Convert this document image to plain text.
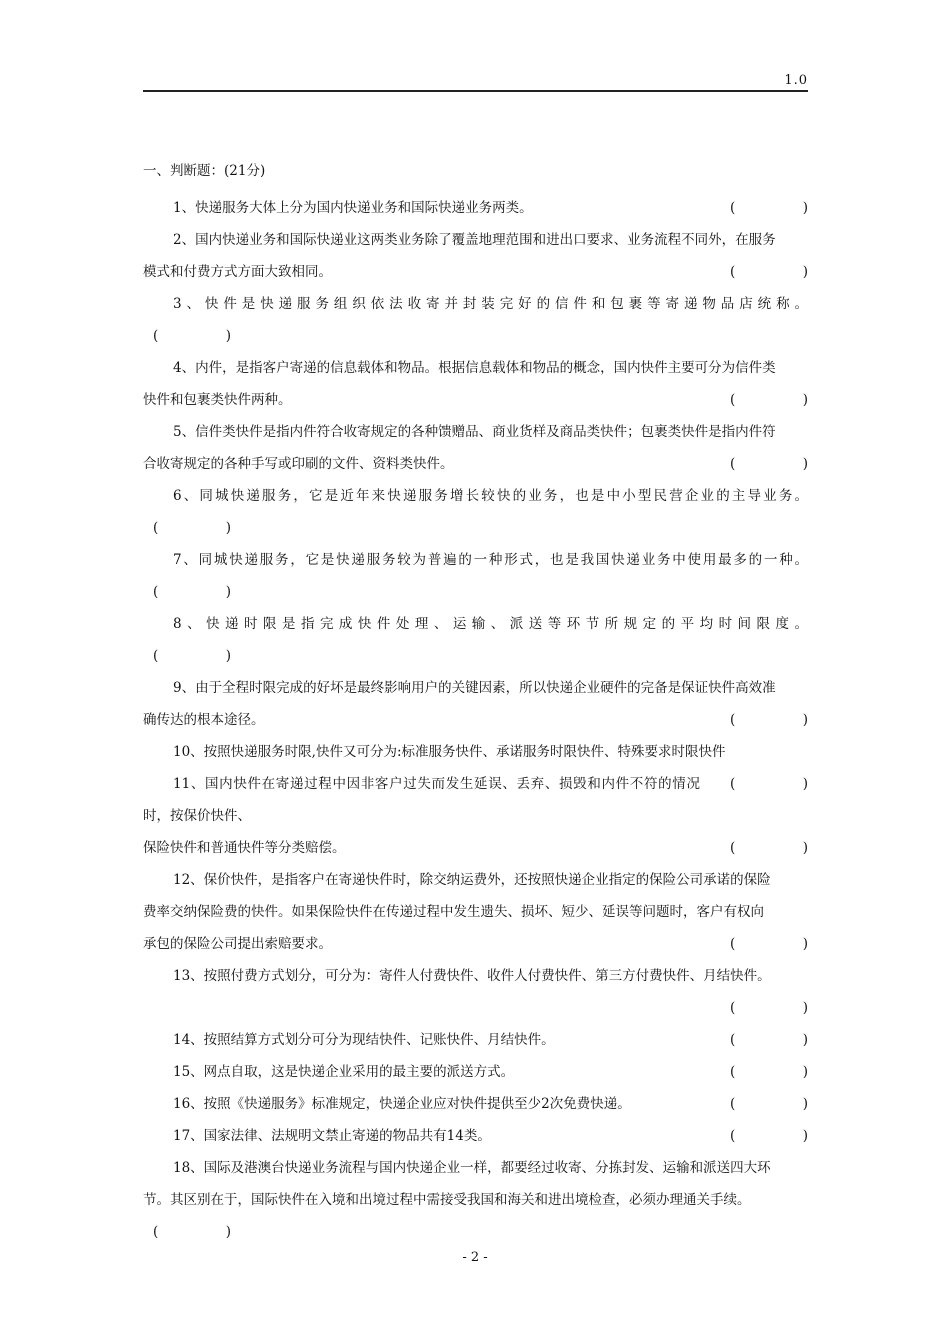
1.0
一、判断题：(21分)
1、快递服务大体上分为国内快递业务和国际快递业务两类。	(　　　　　)
2、国内快递业务和国际快递业这两类业务除了覆盖地理范围和进出口要求、业务流程不同外，在服务
模式和付费方式方面大致相同。	(　　　　　)
3、快件是快递服务组织依法收寄并封装完好的信件和包裹等寄递物品店统称。
(　　　　　)
4、内件，是指客户寄递的信息载体和物品。根据信息载体和物品的概念，国内快件主要可分为信件类
快件和包裹类快件两种。	(　　　　　)
5、信件类快件是指内件符合收寄规定的各种馈赠品、商业货样及商品类快件；包裹类快件是指内件符
合收寄规定的各种手写或印刷的文件、资料类快件。	(　　　　　)
6、同城快递服务，它是近年来快递服务增长较快的业务，也是中小型民营企业的主导业务。
(　　　　　)
7、同城快递服务，它是快递服务较为普遍的一种形式，也是我国快递业务中使用最多的一种。
(　　　　　)
8、快递时限是指完成快件处理、运输、派送等环节所规定的平均时间限度。
(　　　　　)
9、由于全程时限完成的好坏是最终影响用户的关键因素，所以快递企业硬件的完备是保证快件高效准
确传达的根本途径。	(　　　　　)
10、按照快递服务时限,快件又可分为:标准服务快件、承诺服务时限快件、特殊要求时限快件
(　　　　　)
11、国内快件在寄递过程中因非客户过失而发生延误、丢弃、损毁和内件不符的情况时，按保价快件、
保险快件和普通快件等分类赔偿。	(　　　　　)
12、保价快件，是指客户在寄递快件时，除交纳运费外，还按照快递企业指定的保险公司承诺的保险
费率交纳保险费的快件。如果保险快件在传递过程中发生遗失、损坏、短少、延误等问题时，客户有权向
承包的保险公司提出索赔要求。	(　　　　　)
13、按照付费方式划分，可分为：寄件人付费快件、收件人付费快件、第三方付费快件、月结快件。
(　　　　　)
14、按照结算方式划分可分为现结快件、记账快件、月结快件。	(　　　　　)
15、网点自取，这是快递企业采用的最主要的派送方式。	(　　　　　)
16、按照《快递服务》标准规定，快递企业应对快件提供至少2次免费快递。	(　　　　　)
17、国家法律、法规明文禁止寄递的物品共有14类。	(　　　　　)
18、国际及港澳台快递业务流程与国内快递企业一样，都要经过收寄、分拣封发、运输和派送四大环
节。其区别在于，国际快件在入境和出境过程中需接受我国和海关和进出境检查，必须办理通关手续。
(　　　　　)
- 2 -
